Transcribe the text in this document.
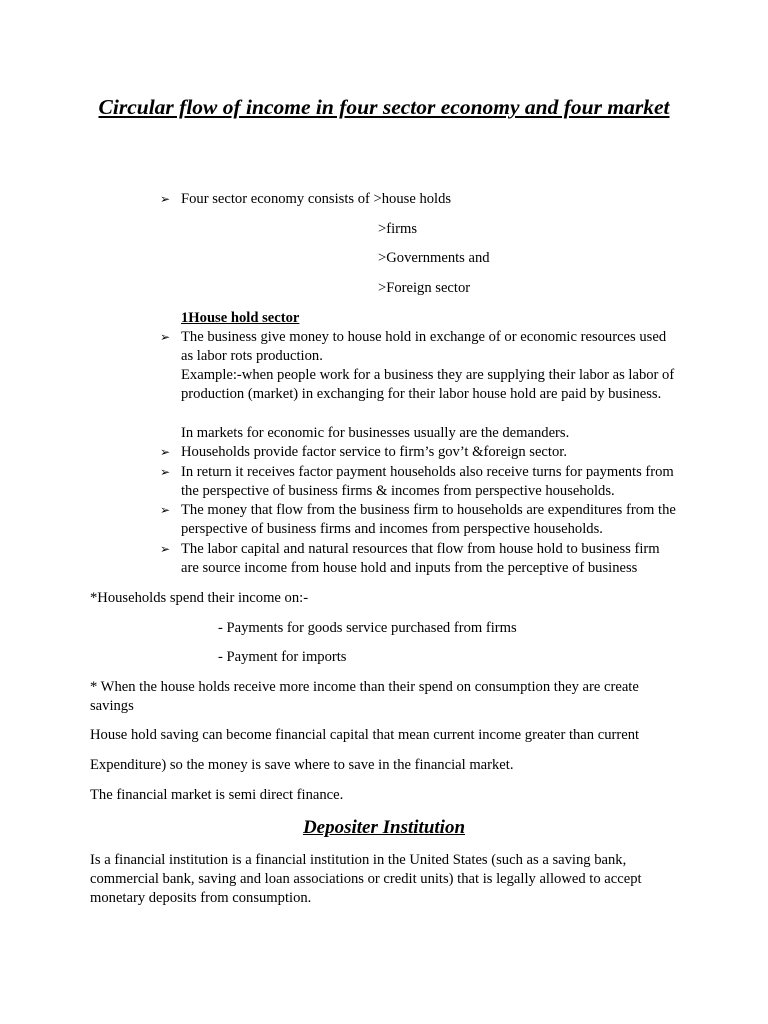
Circular flow of income in four sector economy and four market
➢ Four sector economy consists of >house holds
>firms
>Governments and
>Foreign sector
1House hold sector
➢ The business give money to house hold in exchange of or economic resources used as labor rots production.
Example:-when people work for a business they are supplying their labor as labor of production (market) in exchanging for their labor house hold are paid by business.
In markets for economic for businesses usually are the demanders.
➢ Households provide factor service to firm’s gov’t &foreign sector.
➢ In return it receives factor payment households also receive turns for payments from the perspective of business firms & incomes from perspective households.
➢ The money that flow from the business firm to households are expenditures from the perspective of business firms and incomes from perspective households.
➢ The labor capital and natural resources that flow from house hold to business firm are source income from house hold and inputs from the perceptive of business
*Households spend their income on:-
- Payments for goods service purchased from firms
- Payment for imports
* When the house holds receive more income than their spend on consumption they are create savings
House hold saving can become financial capital that mean current income greater than current
Expenditure) so the money is save where to save in the financial market.
The financial market is semi direct finance.
Depositer Institution
Is a financial institution is a financial institution in the United States (such as a saving bank, commercial bank, saving and loan associations or credit units) that is legally allowed to accept monetary deposits from consumption.
